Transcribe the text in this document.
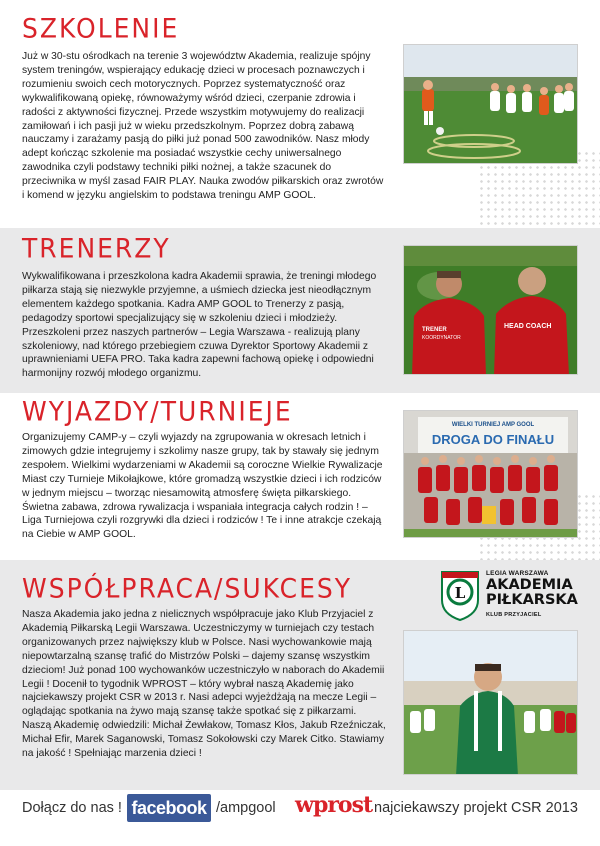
SZKOLENIE

Już w 30-stu ośrodkach na terenie 3 województw Akademia, realizuje spójny system treningów, wspierający edukację dzieci w procesach poznawczych i rozumieniu swoich cech motorycznych. Poprzez systematyczność oraz wykwalifikowaną opiekę, równoważymy wśród dzieci, czerpanie zdrowia i radości z aktywności fizycznej. Przede wszystkim motywujemy do realizacji zamiłowań i ich pasji już w wieku przedszkolnym. Poprzez dobrą zabawą nauczamy i zarażamy pasją do piłki już ponad 500 zawodników. Nasz młody adept kończąc szkolenie ma posiadać wszystkie cechy uniwersalnego zawodnika czyli podstawy techniki piłki nożnej, a także szacunek do przeciwnika w myśl zasad FAIR PLAY. Nauka zwodów piłkarskich oraz zwrotów i komend w języku angielskim to podstawa treningu AMP GOOL.

TRENERZY

Wykwalifikowana i przeszkolona kadra Akademii sprawia, że treningi młodego piłkarza stają się niezwykle przyjemne, a uśmiech dziecka jest nieodłącznym elementem każdego spotkania. Kadra AMP GOOL to Trenerzy z pasją, pedagodzy sportowi specjalizujący się w szkoleniu dzieci i młodzieży. Przeszkoleni przez naszych partnerów – Legia Warszawa - realizują plany szkoleniowy, nad którego przebiegiem czuwa Dyrektor Sportowy Akademii z uprawnieniami UEFA PRO. Taka kadra zapewni fachową opiekę i odpowiedni harmonijny rozwój młodego organizmu.

TRENER
KOORDYNATOR
HEAD COACH
WYJAZDY/TURNIEJE

Organizujemy CAMP-y – czyli wyjazdy na zgrupowania w okresach letnich i zimowych gdzie integrujemy i szkolimy nasze grupy, tak by stawały się jednym zespołem. Wielkimi wydarzeniami w Akademii są coroczne Wielkie Rywalizacje Miast czy Turnieje Mikołajkowe, które gromadzą wszystkie dzieci i ich rodziców w jednym miejscu – tworząc niesamowitą atmosferę święta piłkarskiego. Świetna zabawa, zdrowa rywalizacja i wspaniała integracja całych rodzin ! – Liga Turniejowa czyli rozgrywki dla dzieci i rodziców ! Te i inne atrakcje czekają na Ciebie w AMP GOOL.

WIELKI TURNIEJ AMP GOOL
DROGA DO FINAŁU
WSPÓŁPRACA/SUKCESY

Nasza Akademia jako jedna z nielicznych współpracuje jako Klub Przyjaciel z Akademią Piłkarską Legii Warszawa. Uczestniczymy w turniejach czy testach organizowanych przez największy klub w Polsce. Nasi wychowankowie mają niepowtarzalną szansę trafić do Mistrzów Polski – dajemy szansę wszystkim dzieciom! Już ponad 100 wychowanków uczestniczyło w naborach do Akademii Legii ! Docenił to tygodnik WPROST – który wybrał naszą Akademię jako najciekawszy projekt CSR w 2013 r. Nasi adepci wyjeżdżają na mecze Legii – oglądając spotkania na żywo mają szansę także spotkać się z piłkarzami. Naszą Akademię odwiedzili: Michał Żewłakow, Tomasz Kłos, Jakub Rzeźniczak, Michał Efir, Marek Saganowski, Tomasz Sokołowski czy Marek Citko. Stawiamy na jakość ! Spełniając marzenia dzieci !

L
LEGIA WARSZAWA
AKADEMIA
PIŁKARSKA
KLUB PRZYJACIEL
Dołącz do nas ! facebook /ampgool wprost najciekawszy projekt CSR 2013
